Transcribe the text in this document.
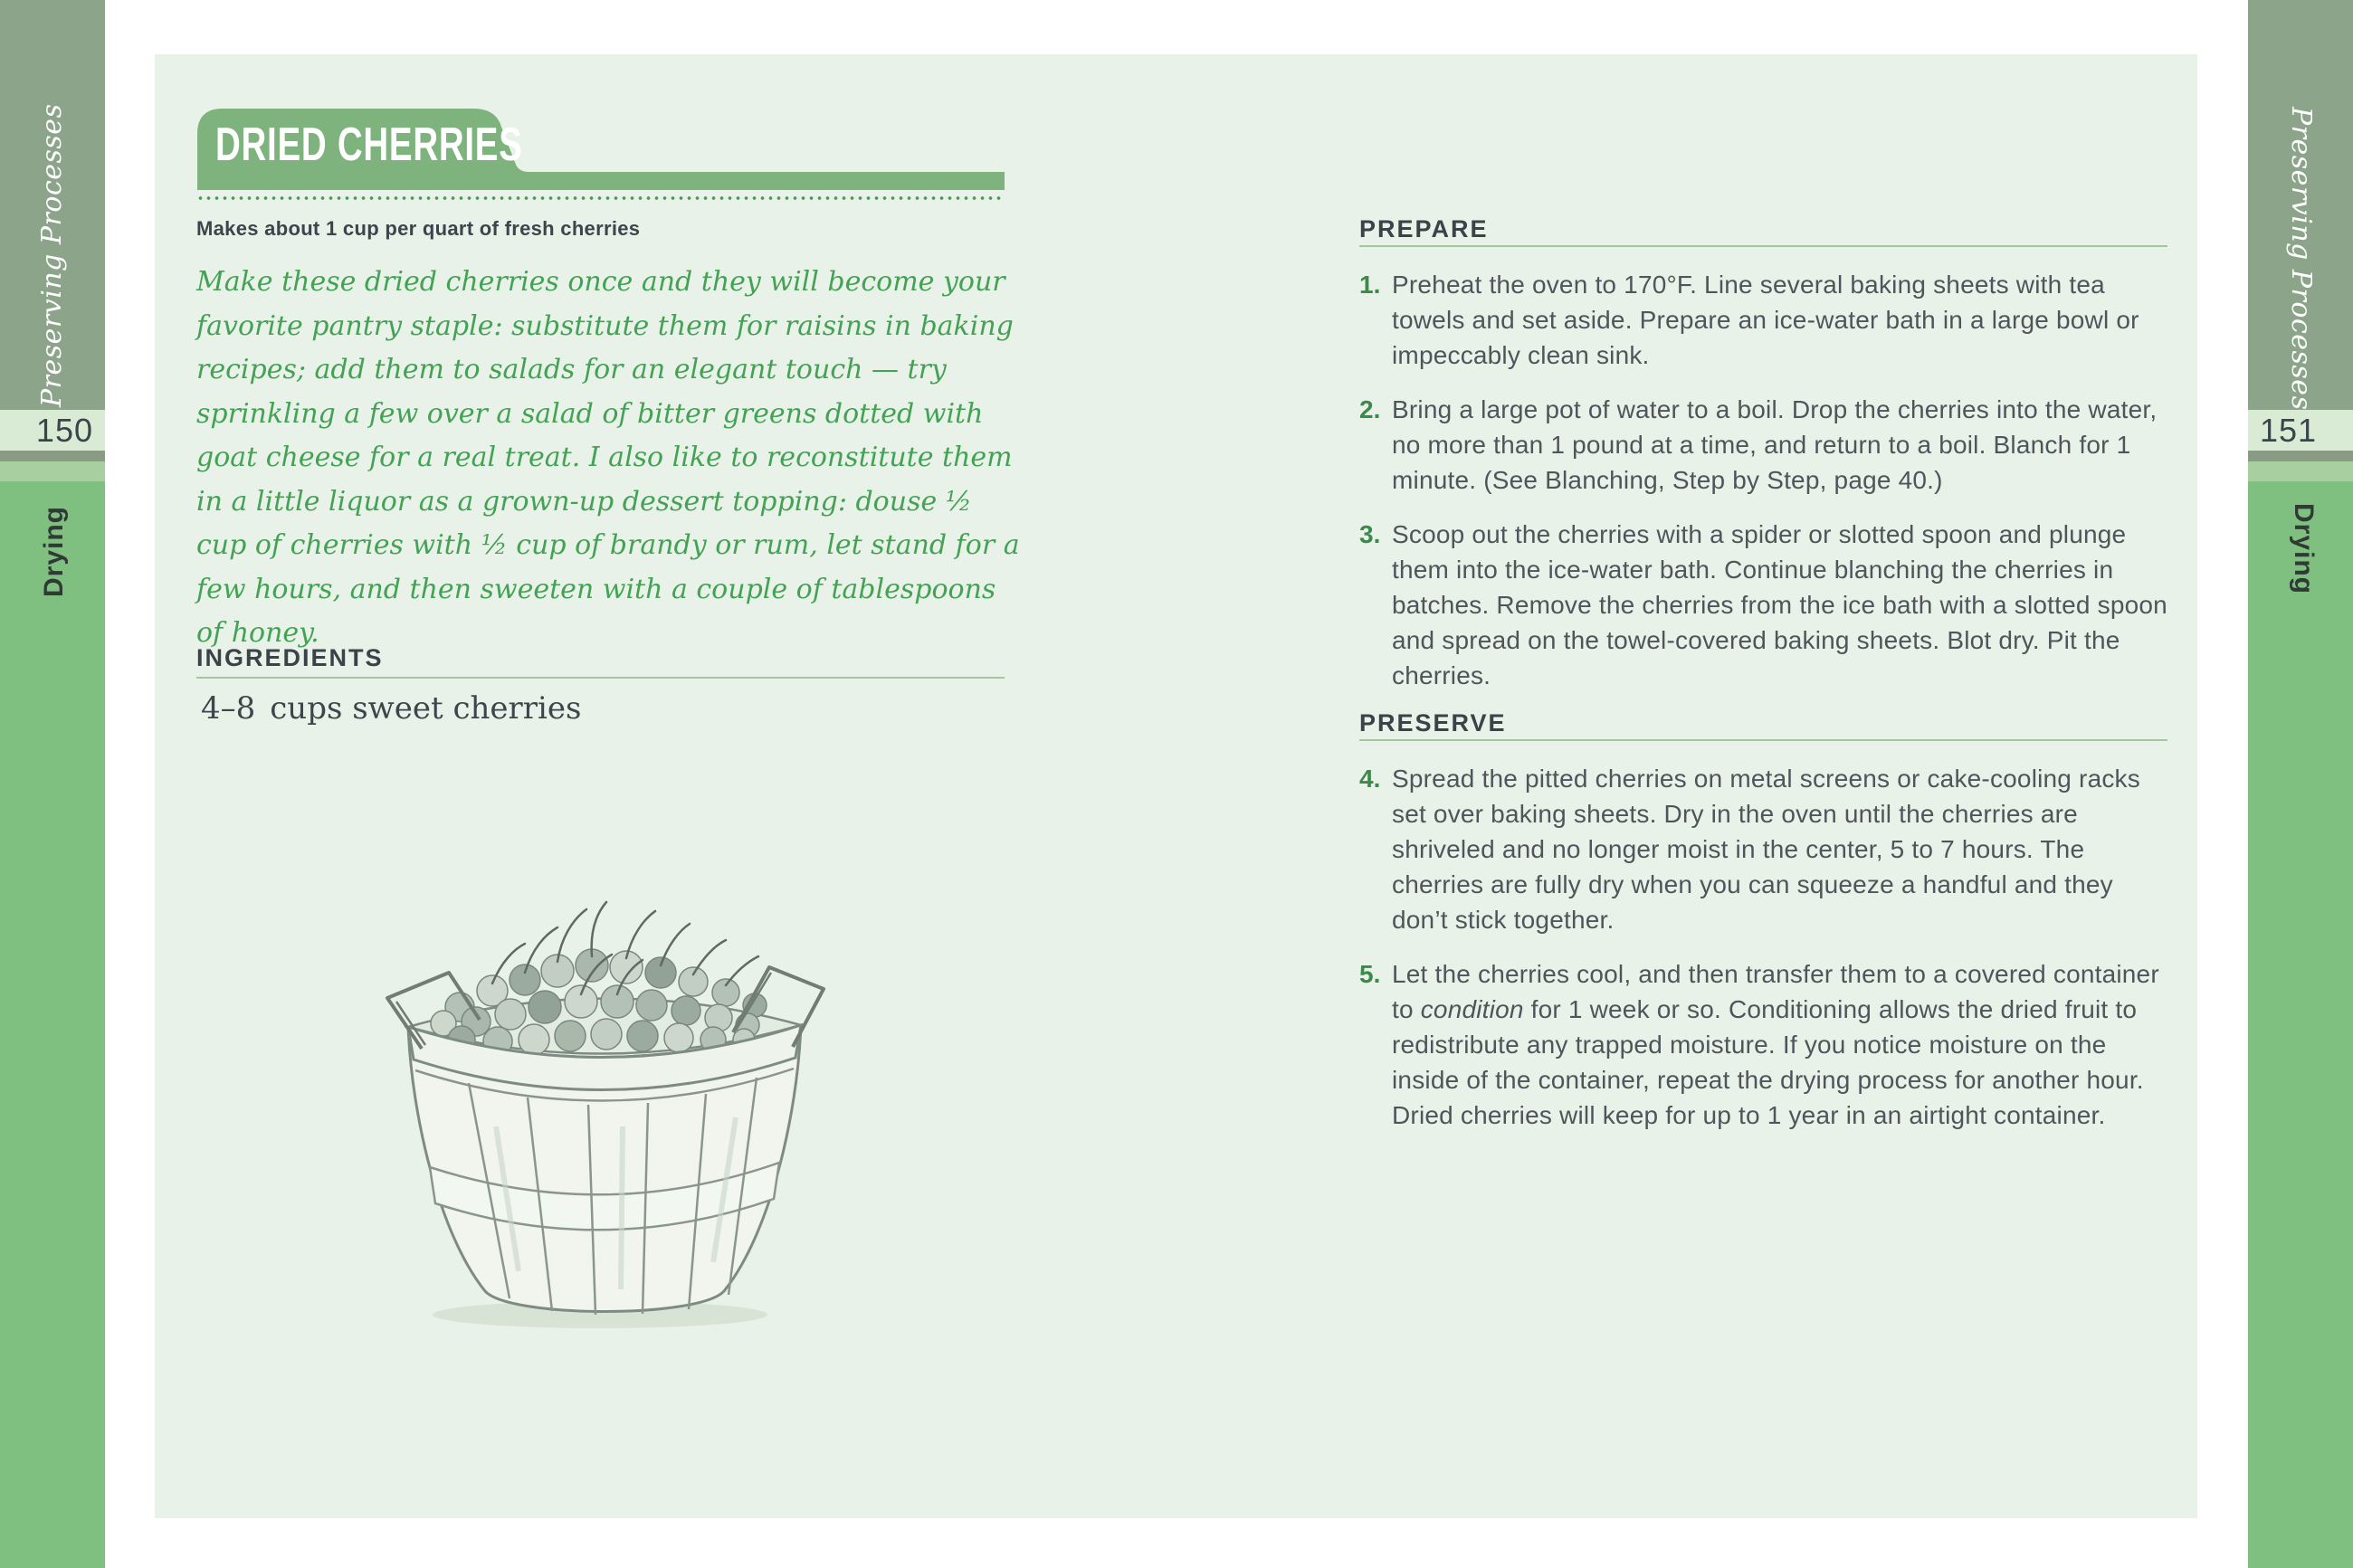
150
Preserving Processes
Drying
151
Preserving Processes
Drying
DRIED CHERRIES
Makes about 1 cup per quart of fresh cherries

Make these dried cherries once and they will become your favorite pantry staple: substitute them for raisins in baking recipes; add them to salads for an elegant touch — try sprinkling a few over a salad of bitter greens dotted with goat cheese for a real treat. I also like to reconstitute them in a little liquor as a grown-up dessert topping: douse ½ cup of cherries with ½ cup of brandy or rum, let stand for a few hours, and then sweeten with a couple of tablespoons of honey.

INGREDIENTS
4–8 cups sweet cherries
PREPARE
1. Preheat the oven to 170°F. Line several baking sheets with tea towels and set aside. Prepare an ice-water bath in a large bowl or impeccably clean sink.
2. Bring a large pot of water to a boil. Drop the cherries into the water, no more than 1 pound at a time, and return to a boil. Blanch for 1 minute. (See Blanching, Step by Step, page 40.)
3. Scoop out the cherries with a spider or slotted spoon and plunge them into the ice-water bath. Continue blanching the cherries in batches. Remove the cherries from the ice bath with a slotted spoon and spread on the towel-covered baking sheets. Blot dry. Pit the cherries.
PRESERVE
4. Spread the pitted cherries on metal screens or cake-cooling racks set over baking sheets. Dry in the oven until the cherries are shriveled and no longer moist in the center, 5 to 7 hours. The cherries are fully dry when you can squeeze a handful and they don’t stick together.
5. Let the cherries cool, and then transfer them to a covered container to condition for 1 week or so. Conditioning allows the dried fruit to redistribute any trapped moisture. If you notice moisture on the inside of the container, repeat the drying process for another hour. Dried cherries will keep for up to 1 year in an airtight container.
